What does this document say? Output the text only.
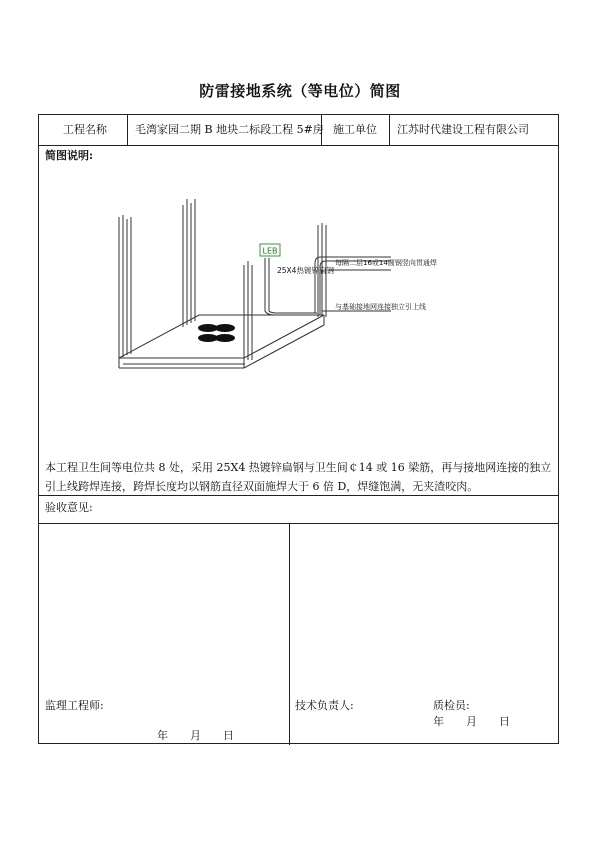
防雷接地系统（等电位）简图
工程名称	毛湾家园二期 B 地块二标段工程 5#房 施工单位 江苏时代建设工程有限公司
简图说明:
LEB
25X4热镀锌扁钢
每隔二层16或14圆钢竖向贯通焊
与基础接地网连接独立引上线
本工程卫生间等电位共 8 处，采用 25X4 热镀锌扁钢与卫生间￠14 或 16 梁筋，再与接地网连接的独立引上线跨焊连接，跨焊长度均以钢筋直径双面施焊大于 6 倍 D，焊缝饱满，无夹渣咬肉。
验收意见:
监理工程师:
年　　月　　日
技术负责人:	质检员:
年　　月　　日
